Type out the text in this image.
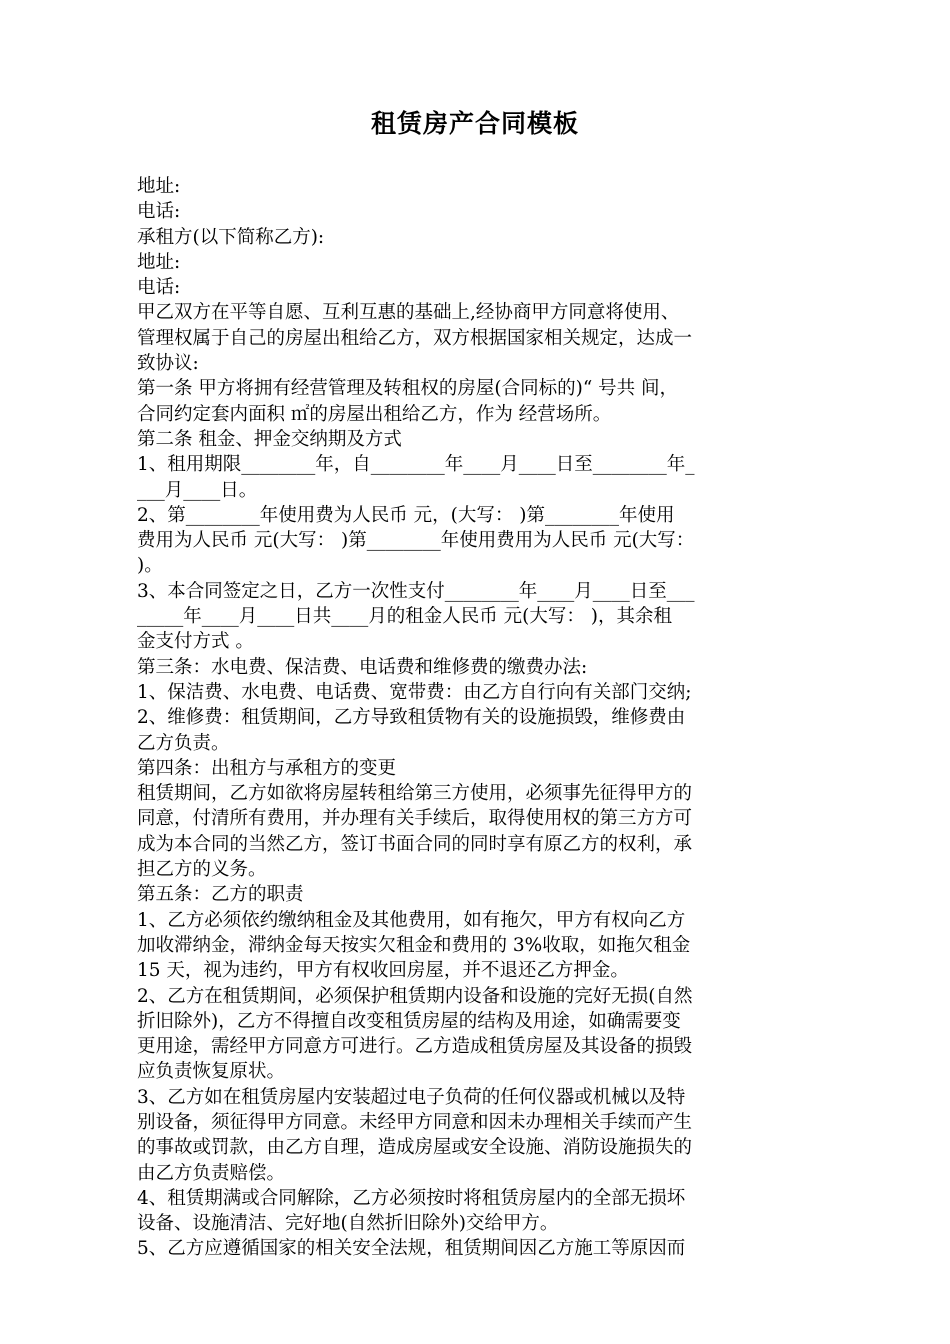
租赁房产合同模板
地址:
电话:
承租方(以下简称乙方):
地址:
电话:
甲乙双方在平等自愿、互利互惠的基础上,经协商甲方同意将使用、
管理权属于自己的房屋出租给乙方，双方根据国家相关规定，达成一
致协议:
第一条 甲方将拥有经营管理及转租权的房屋(合同标的)“ 号共 间，
合同约定套内面积 ㎡的房屋出租给乙方，作为 经营场所。
第二条 租金、押金交纳期及方式
1、租用期限________年，自________年____月____日至________年_
___月____日。
2、第________年使用费为人民币 元，(大写： )第________年使用
费用为人民币 元(大写： )第________年使用费用为人民币 元(大写：
)。
3、本合同签定之日，乙方一次性支付________年____月____日至___
_____年____月____日共____月的租金人民币 元(大写： )，其余租
金支付方式 。
第三条：水电费、保洁费、电话费和维修费的缴费办法:
1、保洁费、水电费、电话费、宽带费：由乙方自行向有关部门交纳;
2、维修费：租赁期间，乙方导致租赁物有关的设施损毁，维修费由
乙方负责。
第四条：出租方与承租方的变更
租赁期间，乙方如欲将房屋转租给第三方使用，必须事先征得甲方的
同意，付清所有费用，并办理有关手续后，取得使用权的第三方方可
成为本合同的当然乙方，签订书面合同的同时享有原乙方的权利，承
担乙方的义务。
第五条：乙方的职责
1、乙方必须依约缴纳租金及其他费用，如有拖欠，甲方有权向乙方
加收滞纳金，滞纳金每天按实欠租金和费用的 3%收取，如拖欠租金
15 天，视为违约，甲方有权收回房屋，并不退还乙方押金。
2、乙方在租赁期间，必须保护租赁期内设备和设施的完好无损(自然
折旧除外)，乙方不得擅自改变租赁房屋的结构及用途，如确需要变
更用途，需经甲方同意方可进行。乙方造成租赁房屋及其设备的损毁
应负责恢复原状。
3、乙方如在租赁房屋内安装超过电子负荷的任何仪器或机械以及特
别设备，须征得甲方同意。未经甲方同意和因未办理相关手续而产生
的事故或罚款，由乙方自理，造成房屋或安全设施、消防设施损失的
由乙方负责赔偿。
4、租赁期满或合同解除，乙方必须按时将租赁房屋内的全部无损坏
设备、设施清洁、完好地(自然折旧除外)交给甲方。
5、乙方应遵循国家的相关安全法规，租赁期间因乙方施工等原因而
